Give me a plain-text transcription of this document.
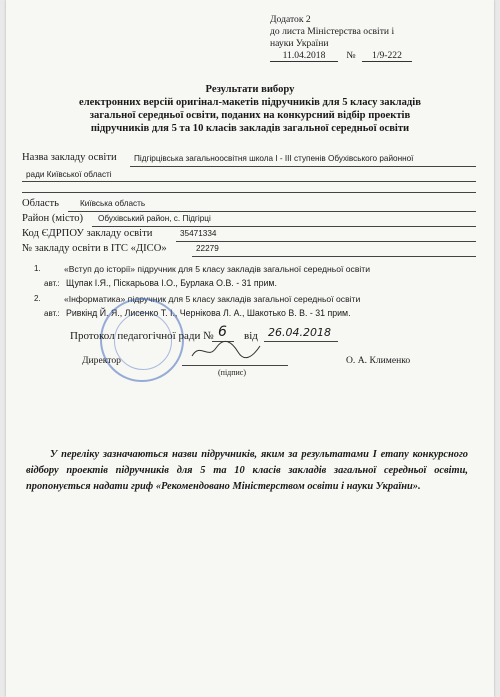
Додаток 2
до листа Міністерства освіти і
науки України
11.04.2018 № 1/9-222
Результати вибору
електронних версій оригінал-макетів підручників для 5 класу закладів
загальної середньої освіти, поданих на конкурсний відбір проектів
підручників для 5 та 10 класів закладів загальної середньої освіти
Назва закладу освіти Підгірцівська загальноосвітня школа I - III ступенів Обухівського районної
ради Київської області
Область	Київська область
Район (місто) Обухівський район, с. Підгірці
Код ЄДРПОУ закладу освіти	35471334
№ закладу освіти в ІТС «ДІСО»	22279
1.	«Вступ до історії» підручник для 5 класу закладів загальної середньої освіти
авт.: Щупак І.Я., Піскарьова І.О., Бурлака О.В. - 31 прим.
2.	«Інформатика» підручник для 5 класу закладів загальної середньої освіти
авт.: Ривкінд Й. Я., Лисенко Т. І., Чернікова Л. А., Шакотько В. В. - 31 прим.
Протокол педагогічної ради № 6 від 26.04.2018
Директор
(підпис)
О. А. Клименко
У переліку зазначаються назви підручників, яким за результатами І етапу конкурсного відбору проектів підручників для 5 та 10 класів закладів загальної середньої освіти, пропонується надати гриф «Рекомендовано Міністерством освіти і науки України».
